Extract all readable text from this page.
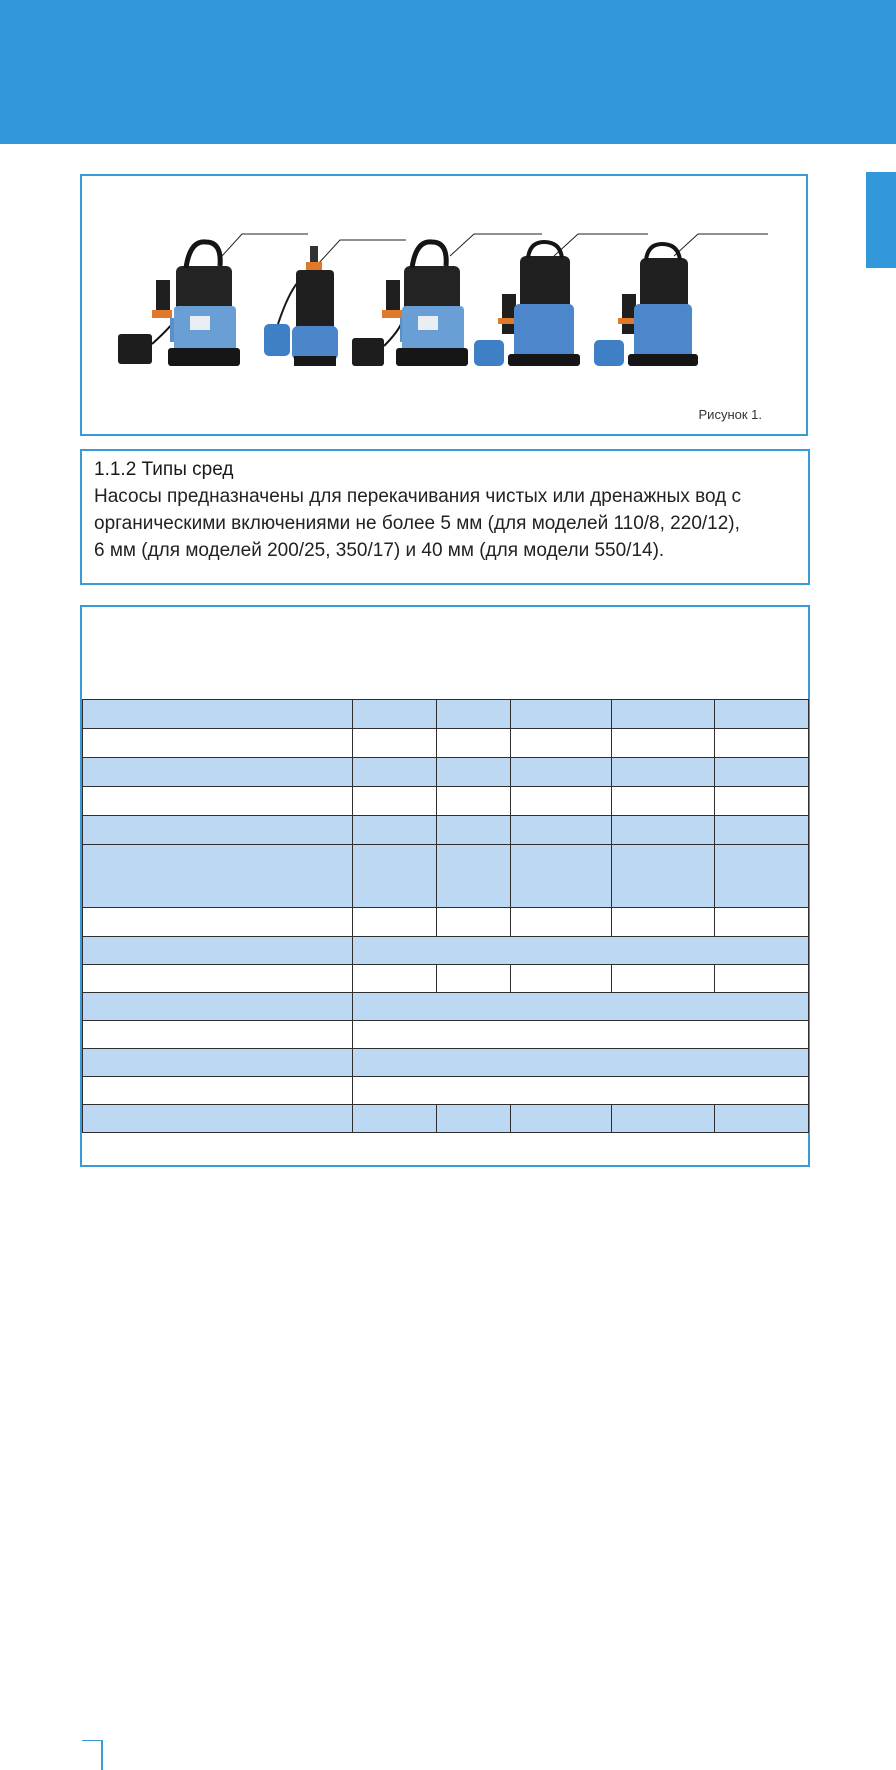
Рисунок 1.

1.1.2 Типы сред

Насосы предназначены для перекачивания чистых или дренажных вод с
органическими включениями не более 5 мм (для моделей 110/8, 220/12),
6 мм (для моделей 200/25, 350/17) и 40 мм (для модели 550/14).
